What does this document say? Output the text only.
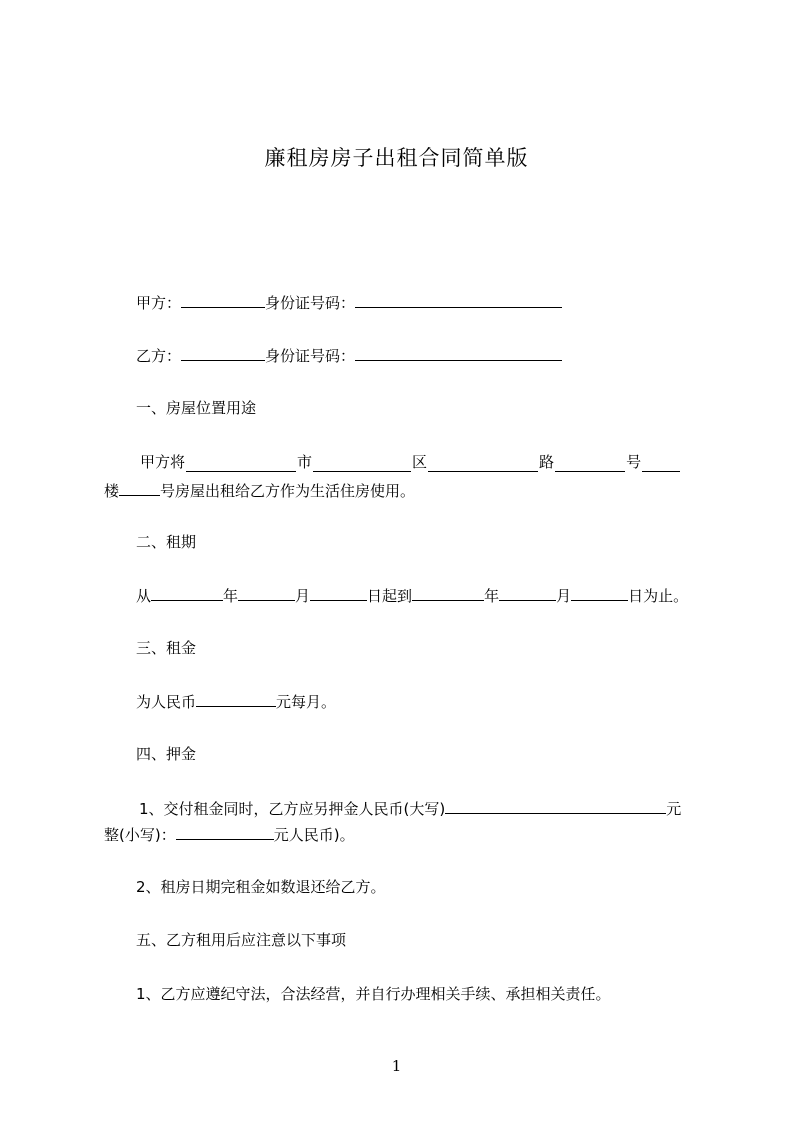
廉租房房子出租合同简单版
甲方：	身份证号码：
乙方：	身份证号码：
一、房屋位置用途
甲方将	市	区	路	号
楼	号房屋出租给乙方作为生活住房使用。
二、租期
从	年	月	日起到	年	月	日为止。
三、租金
为人民币	元每月。
四、押金
1、交付租金同时，乙方应另押金人民币(大写)	元
整(小写)：	元人民币)。
2、租房日期完租金如数退还给乙方。
五、乙方租用后应注意以下事项
1、乙方应遵纪守法，合法经营，并自行办理相关手续、承担相关责任。
1
